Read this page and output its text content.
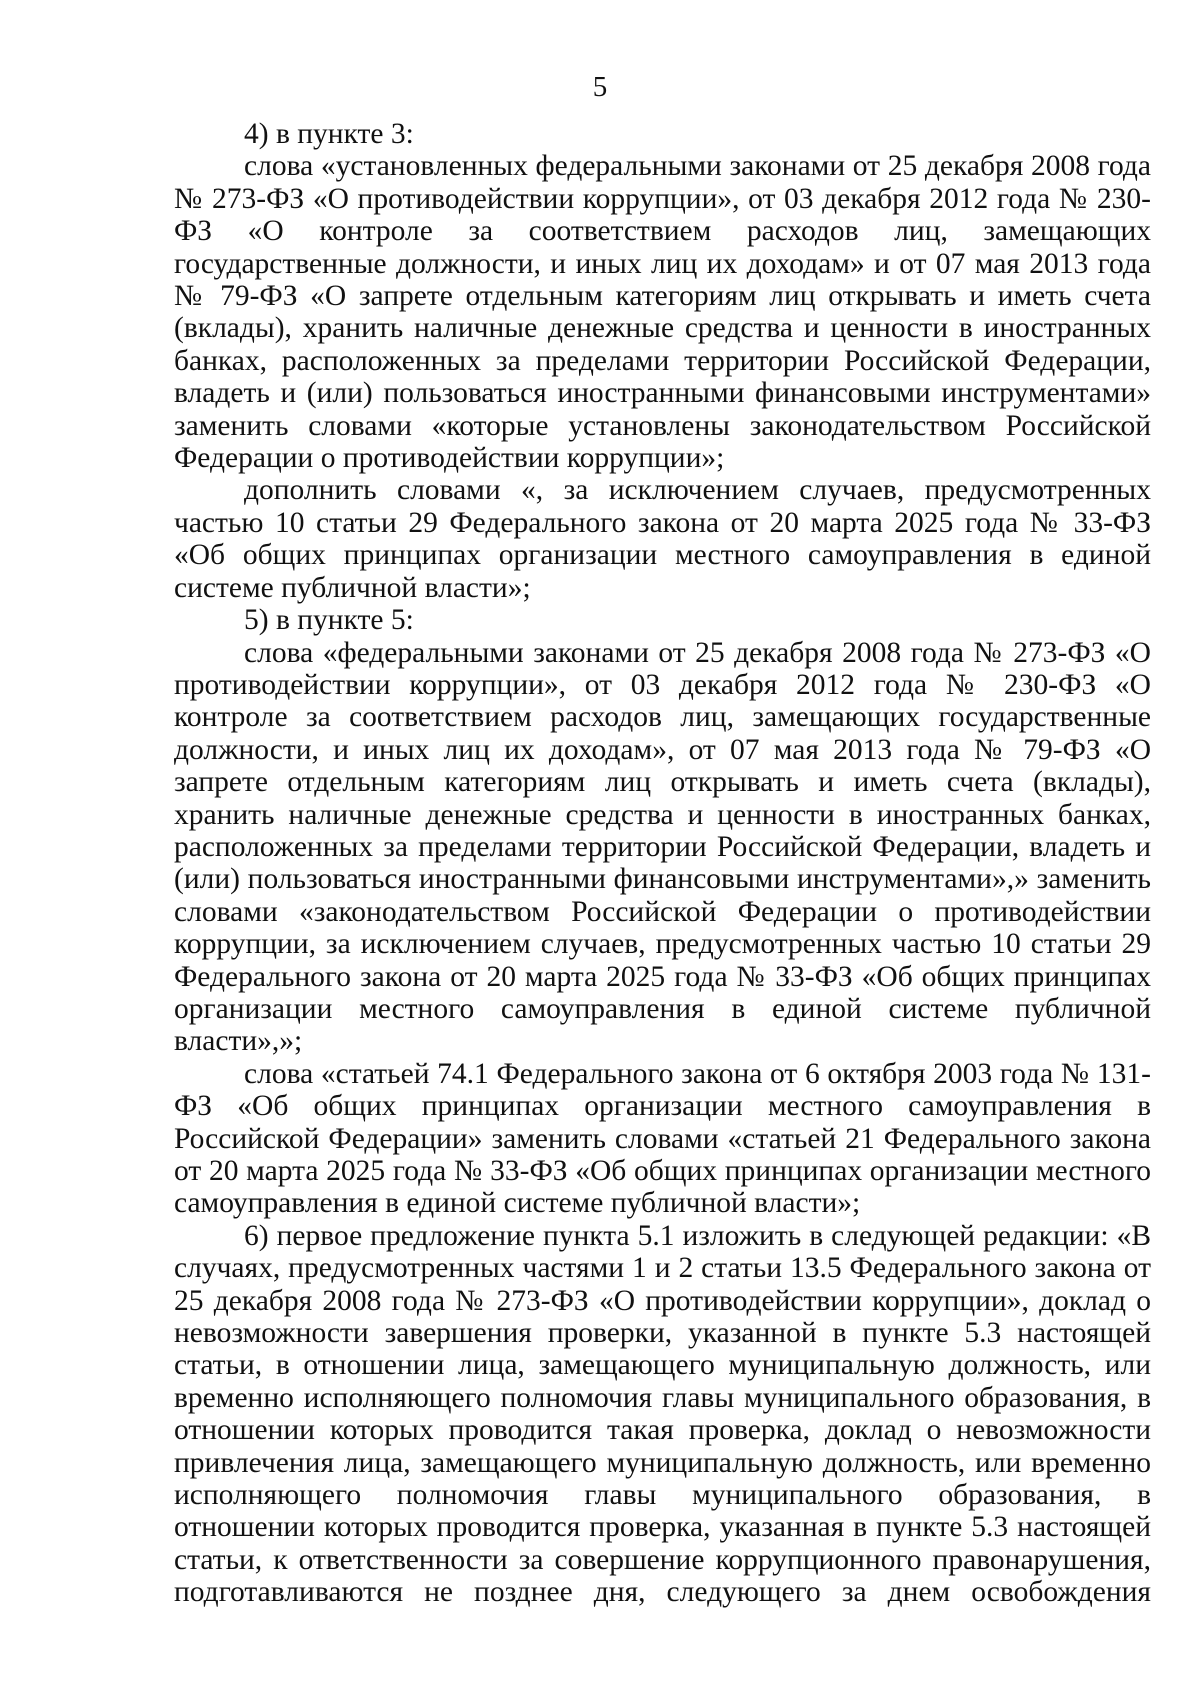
5

4) в пункте 3:

слова «установленных федеральными законами от 25 декабря 2008 года № 273-ФЗ «О противодействии коррупции», от 03 декабря 2012 года № 230-ФЗ «О контроле за соответствием расходов лиц, замещающих государственные должности, и иных лиц их доходам» и от 07 мая 2013 года № 79-ФЗ «О запрете отдельным категориям лиц открывать и иметь счета (вклады), хранить наличные денежные средства и ценности в иностранных банках, расположенных за пределами территории Российской Федерации, владеть и (или) пользоваться иностранными финансовыми инструментами» заменить словами «которые установлены законодательством Российской Федерации о противодействии коррупции»;

дополнить словами «, за исключением случаев, предусмотренных частью 10 статьи 29 Федерального закона от 20 марта 2025 года № 33-ФЗ «Об общих принципах организации местного самоуправления в единой системе публичной власти»;

5) в пункте 5:

слова «федеральными законами от 25 декабря 2008 года № 273-ФЗ «О противодействии коррупции», от 03 декабря 2012 года № 230-ФЗ «О контроле за соответствием расходов лиц, замещающих государственные должности, и иных лиц их доходам», от 07 мая 2013 года № 79-ФЗ «О запрете отдельным категориям лиц открывать и иметь счета (вклады), хранить наличные денежные средства и ценности в иностранных банках, расположенных за пределами территории Российской Федерации, владеть и (или) пользоваться иностранными финансовыми инструментами»,» заменить словами «законодательством Российской Федерации о противодействии коррупции, за исключением случаев, предусмотренных частью 10 статьи 29 Федерального закона от 20 марта 2025 года № 33-ФЗ «Об общих принципах организации местного самоуправления в единой системе публичной власти»,»;

слова «статьей 74.1 Федерального закона от 6 октября 2003 года № 131-ФЗ «Об общих принципах организации местного самоуправления в Российской Федерации» заменить словами «статьей 21 Федерального закона от 20 марта 2025 года № 33-ФЗ «Об общих принципах организации местного самоуправления в единой системе публичной власти»;

6) первое предложение пункта 5.1 изложить в следующей редакции: «В случаях, предусмотренных частями 1 и 2 статьи 13.5 Федерального закона от 25 декабря 2008 года № 273-ФЗ «О противодействии коррупции», доклад о невозможности завершения проверки, указанной в пункте 5.3 настоящей статьи, в отношении лица, замещающего муниципальную должность, или временно исполняющего полномочия главы муниципального образования, в отношении которых проводится такая проверка, доклад о невозможности привлечения лица, замещающего муниципальную должность, или временно исполняющего полномочия главы муниципального образования, в отношении которых проводится проверка, указанная в пункте 5.3 настоящей статьи, к ответственности за совершение коррупционного правонарушения, подготавливаются не позднее дня, следующего за днем освобождения
